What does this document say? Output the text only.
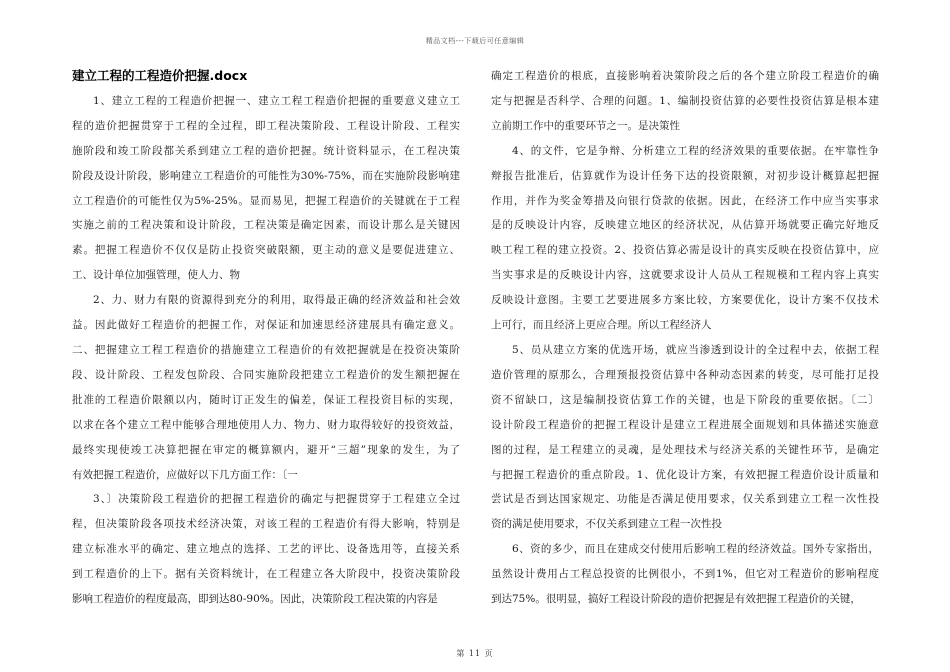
精品文档---下载后可任意编辑
建立工程的工程造价把握.docx
1、建立工程的工程造价把握一、建立工程工程造价把握的重要意义建立工
程的造价把握贯穿于工程的全过程，即工程决策阶段、工程设计阶段、工程实
施阶段和竣工阶段都关系到建立工程的造价把握。统计资料显示，在工程决策
阶段及设计阶段，影响建立工程造价的可能性为30%-75%，而在实施阶段影响建
立工程造价的可能性仅为5%-25%。显而易见，把握工程造价的关键就在于工程
实施之前的工程决策和设计阶段，工程决策是确定因素，而设计那么是关键因
素。把握工程造价不仅仅是防止投资突破限额，更主动的意义是要促进建立、
工、设计单位加强管理，使人力、物
2、力、财力有限的资源得到充分的利用，取得最正确的经济效益和社会效
益。因此做好工程造价的把握工作，对保证和加速思经济建展具有确定意义。
二、把握建立工程工程造价的措施建立工程造价的有效把握就是在投资决策阶
段、设计阶段、工程发包阶段、合同实施阶段把建立工程造价的发生额把握在
批准的工程造价限额以内，随时订正发生的偏差，保证工程投资目标的实现，
以求在各个建立工程中能够合理地使用人力、物力、财力取得较好的投资效益，
最终实现使竣工决算把握在审定的概算额内，避开“三超”现象的发生，为了
有效把握工程造价，应做好以下几方面工作：〔一
3、〕决策阶段工程造价的把握工程造价的确定与把握贯穿于工程建立全过
程，但决策阶段各项技术经济决策，对该工程的工程造价有得大影响，特别是
建立标准水平的确定、建立地点的选择、工艺的评比、设备选用等，直接关系
到工程造价的上下。据有关资料统计，在工程建立各大阶段中，投资决策阶段
影响工程造价的程度最高，即到达80-90%。因此，决策阶段工程决策的内容是
确定工程造价的根底，直接影响着决策阶段之后的各个建立阶段工程造价的确
定与把握是否科学、合理的问题。1、编制投资估算的必要性投资估算是根本建
立前期工作中的重要环节之一。是决策性
4、的文件，它是争辩、分析建立工程的经济效果的重要依据。在牢靠性争
辩报告批准后，估算就作为设计任务下达的投资限额，对初步设计概算起把握
作用，并作为奖金筹措及向银行贷款的依据。因此，在经济工作中应当实事求
是的反映设计内容，反映建立地区的经济状况，从估算开场就要正确完好地反
映工程工程的建立投资。2、投资估算必需是设计的真实反映在投资估算中，应
当实事求是的反映设计内容，这就要求设计人员从工程规模和工程内容上真实
反映设计意图。主要工艺要进展多方案比较，方案要优化，设计方案不仅技术
上可行，而且经济上更应合理。所以工程经济人
5、员从建立方案的优选开场，就应当渗透到设计的全过程中去，依据工程
造价管理的原那么，合理预报投资估算中各种动态因素的转变，尽可能打足投
资不留缺口，这是编制投资估算工作的关键，也是下阶段的重要依据。〔二〕
设计阶段工程造价的把握工程设计是建立工程进展全面规划和具体描述实施意
图的过程，是工程建立的灵魂，是处理技术与经济关系的关键性环节，是确定
与把握工程造价的重点阶段。1、优化设计方案，有效把握工程造价设计质量和
尝试是否到达国家规定、功能是否满足使用要求，仅关系到建立工程一次性投
资的满足使用要求，不仅关系到建立工程一次性投
6、资的多少，而且在建成交付使用后影响工程的经济效益。国外专家指出，
虽然设计费用占工程总投资的比例很小，不到1%，但它对工程造价的影响程度
到达75%。很明显，搞好工程设计阶段的造价把握是有效把握工程造价的关键，
第 11 页
